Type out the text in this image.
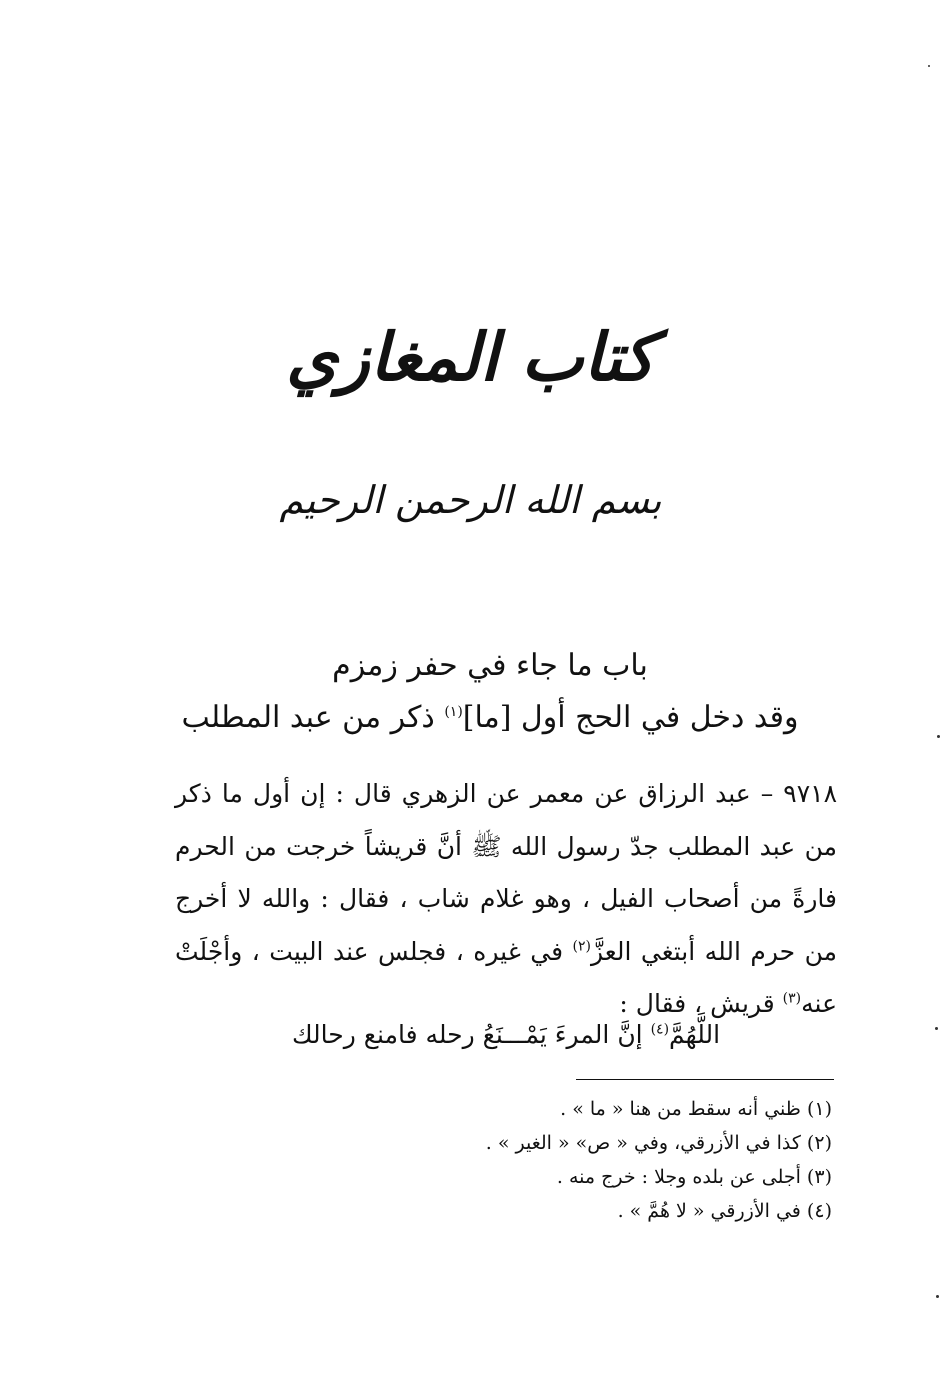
كتاب المغازي
بسم الله الرحمن الرحيم
باب ما جاء في حفر زمزم
وقد دخل في الحج أول [ما]$^{(١)}$ ذكر من عبد المطلب
٩٧١٨ – عبد الرزاق عن معمر عن الزهري قال : إن أول ما ذكر من عبد المطلب جدّ رسول الله ﷺ أنَّ قريشاً خرجت من الحرم فارةً من أصحاب الفيل ، وهو غلام شاب ، فقال : والله لا أخرج من حرم الله أبتغي العزَّ$^{(٢)}$ في غيره ، فجلس عند البيت ، وأجْلَتْ عنه$^{(٣)}$ قريش ، فقال :
اللَّهُمَّ$^{(٤)}$ إنَّ المرءَ يَمْـــنَعُ رحله فامنع رحالك
(١) ظني أنه سقط من هنا « ما » .
(٢) كذا في الأزرقي، وفي « ص» « الغير » .
(٣) أجلى عن بلده وجلا : خرج منه .
(٤) في الأزرقي « لا هُمَّ » .
